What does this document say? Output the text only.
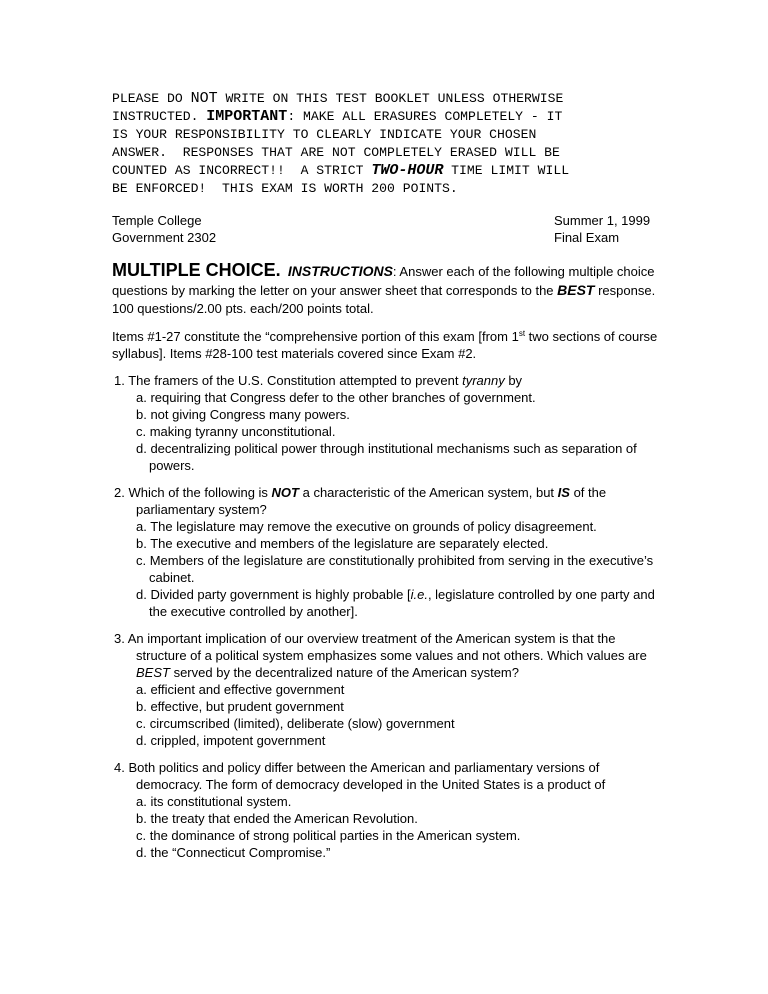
PLEASE DO NOT WRITE ON THIS TEST BOOKLET UNLESS OTHERWISE
INSTRUCTED. IMPORTANT: MAKE ALL ERASURES COMPLETELY - IT
IS YOUR RESPONSIBILITY TO CLEARLY INDICATE YOUR CHOSEN
ANSWER.  RESPONSES THAT ARE NOT COMPLETELY ERASED WILL BE
COUNTED AS INCORRECT!!  A STRICT TWO-HOUR TIME LIMIT WILL
BE ENFORCED!  THIS EXAM IS WORTH 200 POINTS.
Temple College
Government 2302
Summer 1, 1999
Final Exam
MULTIPLE CHOICE. INSTRUCTIONS: Answer each of the following multiple choice questions by marking the letter on your answer sheet that corresponds to the BEST response. 100 questions/2.00 pts. each/200 points total.
Items #1-27 constitute the “comprehensive portion of this exam [from 1st two sections of course syllabus]. Items #28-100 test materials covered since Exam #2.
1. The framers of the U.S. Constitution attempted to prevent tyranny by
a. requiring that Congress defer to the other branches of government.
b. not giving Congress many powers.
c. making tyranny unconstitutional.
d. decentralizing political power through institutional mechanisms such as separation of powers.
2. Which of the following is NOT a characteristic of the American system, but IS of the parliamentary system?
a. The legislature may remove the executive on grounds of policy disagreement.
b. The executive and members of the legislature are separately elected.
c. Members of the legislature are constitutionally prohibited from serving in the executive’s cabinet.
d. Divided party government is highly probable [i.e., legislature controlled by one party and the executive controlled by another].
3. An important implication of our overview treatment of the American system is that the structure of a political system emphasizes some values and not others. Which values are BEST served by the decentralized nature of the American system?
a. efficient and effective government
b. effective, but prudent government
c. circumscribed (limited), deliberate (slow) government
d. crippled, impotent government
4. Both politics and policy differ between the American and parliamentary versions of democracy. The form of democracy developed in the United States is a product of
a. its constitutional system.
b. the treaty that ended the American Revolution.
c. the dominance of strong political parties in the American system.
d. the “Connecticut Compromise.”
